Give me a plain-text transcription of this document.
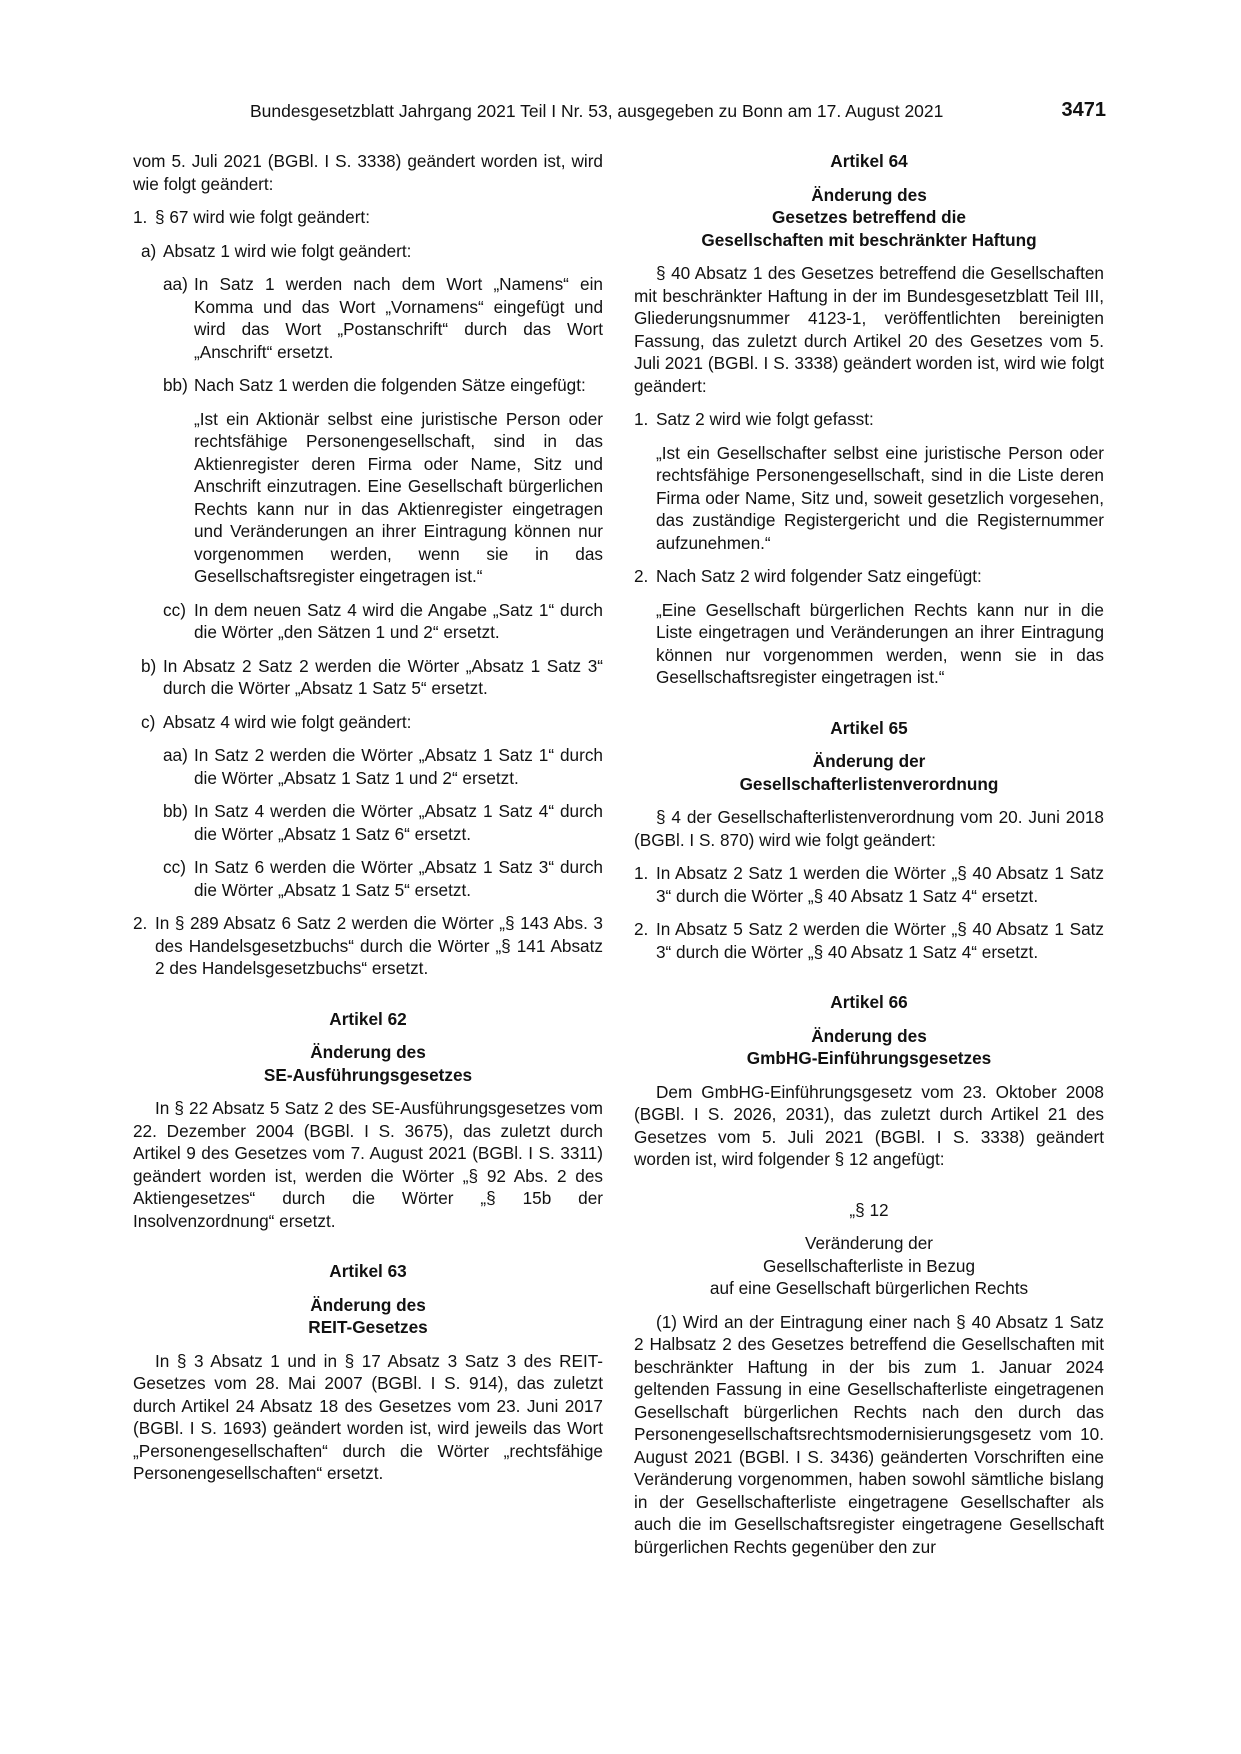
Bundesgesetzblatt Jahrgang 2021 Teil I Nr. 53, ausgegeben zu Bonn am 17. August 2021	3471

vom 5. Juli 2021 (BGBl. I S. 3338) geändert worden ist, wird wie folgt geändert:

1. § 67 wird wie folgt geändert:
a) Absatz 1 wird wie folgt geändert:
aa) In Satz 1 werden nach dem Wort „Namens“ ein Komma und das Wort „Vornamens“ eingefügt und wird das Wort „Postanschrift“ durch das Wort „Anschrift“ ersetzt.
bb) Nach Satz 1 werden die folgenden Sätze eingefügt:

„Ist ein Aktionär selbst eine juristische Person oder rechtsfähige Personengesellschaft, sind in das Aktienregister deren Firma oder Name, Sitz und Anschrift einzutragen. Eine Gesellschaft bürgerlichen Rechts kann nur in das Aktienregister eingetragen und Veränderungen an ihrer Eintragung können nur vorgenommen werden, wenn sie in das Gesellschaftsregister eingetragen ist.“

cc) In dem neuen Satz 4 wird die Angabe „Satz 1“ durch die Wörter „den Sätzen 1 und 2“ ersetzt.
b) In Absatz 2 Satz 2 werden die Wörter „Absatz 1 Satz 3“ durch die Wörter „Absatz 1 Satz 5“ ersetzt.
c) Absatz 4 wird wie folgt geändert:
aa) In Satz 2 werden die Wörter „Absatz 1 Satz 1“ durch die Wörter „Absatz 1 Satz 1 und 2“ ersetzt.
bb) In Satz 4 werden die Wörter „Absatz 1 Satz 4“ durch die Wörter „Absatz 1 Satz 6“ ersetzt.
cc) In Satz 6 werden die Wörter „Absatz 1 Satz 3“ durch die Wörter „Absatz 1 Satz 5“ ersetzt.
2. In § 289 Absatz 6 Satz 2 werden die Wörter „§ 143 Abs. 3 des Handelsgesetzbuchs“ durch die Wörter „§ 141 Absatz 2 des Handelsgesetzbuchs“ ersetzt.

Artikel 62

Änderung des

SE-Ausführungsgesetzes

In § 22 Absatz 5 Satz 2 des SE-Ausführungsgesetzes vom 22. Dezember 2004 (BGBl. I S. 3675), das zuletzt durch Artikel 9 des Gesetzes vom 7. August 2021 (BGBl. I S. 3311) geändert worden ist, werden die Wörter „§ 92 Abs. 2 des Aktiengesetzes“ durch die Wörter „§ 15b der Insolvenzordnung“ ersetzt.

Artikel 63

Änderung des

REIT-Gesetzes

In § 3 Absatz 1 und in § 17 Absatz 3 Satz 3 des REIT-Gesetzes vom 28. Mai 2007 (BGBl. I S. 914), das zuletzt durch Artikel 24 Absatz 18 des Gesetzes vom 23. Juni 2017 (BGBl. I S. 1693) geändert worden ist, wird jeweils das Wort „Personengesellschaften“ durch die Wörter „rechtsfähige Personengesellschaften“ ersetzt.

Artikel 64

Änderung des

Gesetzes betreffend die

Gesellschaften mit beschränkter Haftung

§ 40 Absatz 1 des Gesetzes betreffend die Gesellschaften mit beschränkter Haftung in der im Bundesgesetzblatt Teil III, Gliederungsnummer 4123-1, veröffentlichten bereinigten Fassung, das zuletzt durch Artikel 20 des Gesetzes vom 5. Juli 2021 (BGBl. I S. 3338) geändert worden ist, wird wie folgt geändert:

1. Satz 2 wird wie folgt gefasst:

„Ist ein Gesellschafter selbst eine juristische Person oder rechtsfähige Personengesellschaft, sind in die Liste deren Firma oder Name, Sitz und, soweit gesetzlich vorgesehen, das zuständige Registergericht und die Registernummer aufzunehmen.“

2. Nach Satz 2 wird folgender Satz eingefügt:

„Eine Gesellschaft bürgerlichen Rechts kann nur in die Liste eingetragen und Veränderungen an ihrer Eintragung können nur vorgenommen werden, wenn sie in das Gesellschaftsregister eingetragen ist.“

Artikel 65

Änderung der

Gesellschafterlistenverordnung

§ 4 der Gesellschafterlistenverordnung vom 20. Juni 2018 (BGBl. I S. 870) wird wie folgt geändert:

1. In Absatz 2 Satz 1 werden die Wörter „§ 40 Absatz 1 Satz 3“ durch die Wörter „§ 40 Absatz 1 Satz 4“ ersetzt.
2. In Absatz 5 Satz 2 werden die Wörter „§ 40 Absatz 1 Satz 3“ durch die Wörter „§ 40 Absatz 1 Satz 4“ ersetzt.

Artikel 66

Änderung des

GmbHG-Einführungsgesetzes

Dem GmbHG-Einführungsgesetz vom 23. Oktober 2008 (BGBl. I S. 2026, 2031), das zuletzt durch Artikel 21 des Gesetzes vom 5. Juli 2021 (BGBl. I S. 3338) geändert worden ist, wird folgender § 12 angefügt:

„§ 12

Veränderung der

Gesellschafterliste in Bezug

auf eine Gesellschaft bürgerlichen Rechts

(1) Wird an der Eintragung einer nach § 40 Absatz 1 Satz 2 Halbsatz 2 des Gesetzes betreffend die Gesellschaften mit beschränkter Haftung in der bis zum 1. Januar 2024 geltenden Fassung in eine Gesellschafterliste eingetragenen Gesellschaft bürgerlichen Rechts nach den durch das Personengesellschaftsrechtsmodernisierungsgesetz vom 10. August 2021 (BGBl. I S. 3436) geänderten Vorschriften eine Veränderung vorgenommen, haben sowohl sämtliche bislang in der Gesellschafterliste eingetragene Gesellschafter als auch die im Gesellschaftsregister eingetragene Gesellschaft bürgerlichen Rechts gegenüber den zur
